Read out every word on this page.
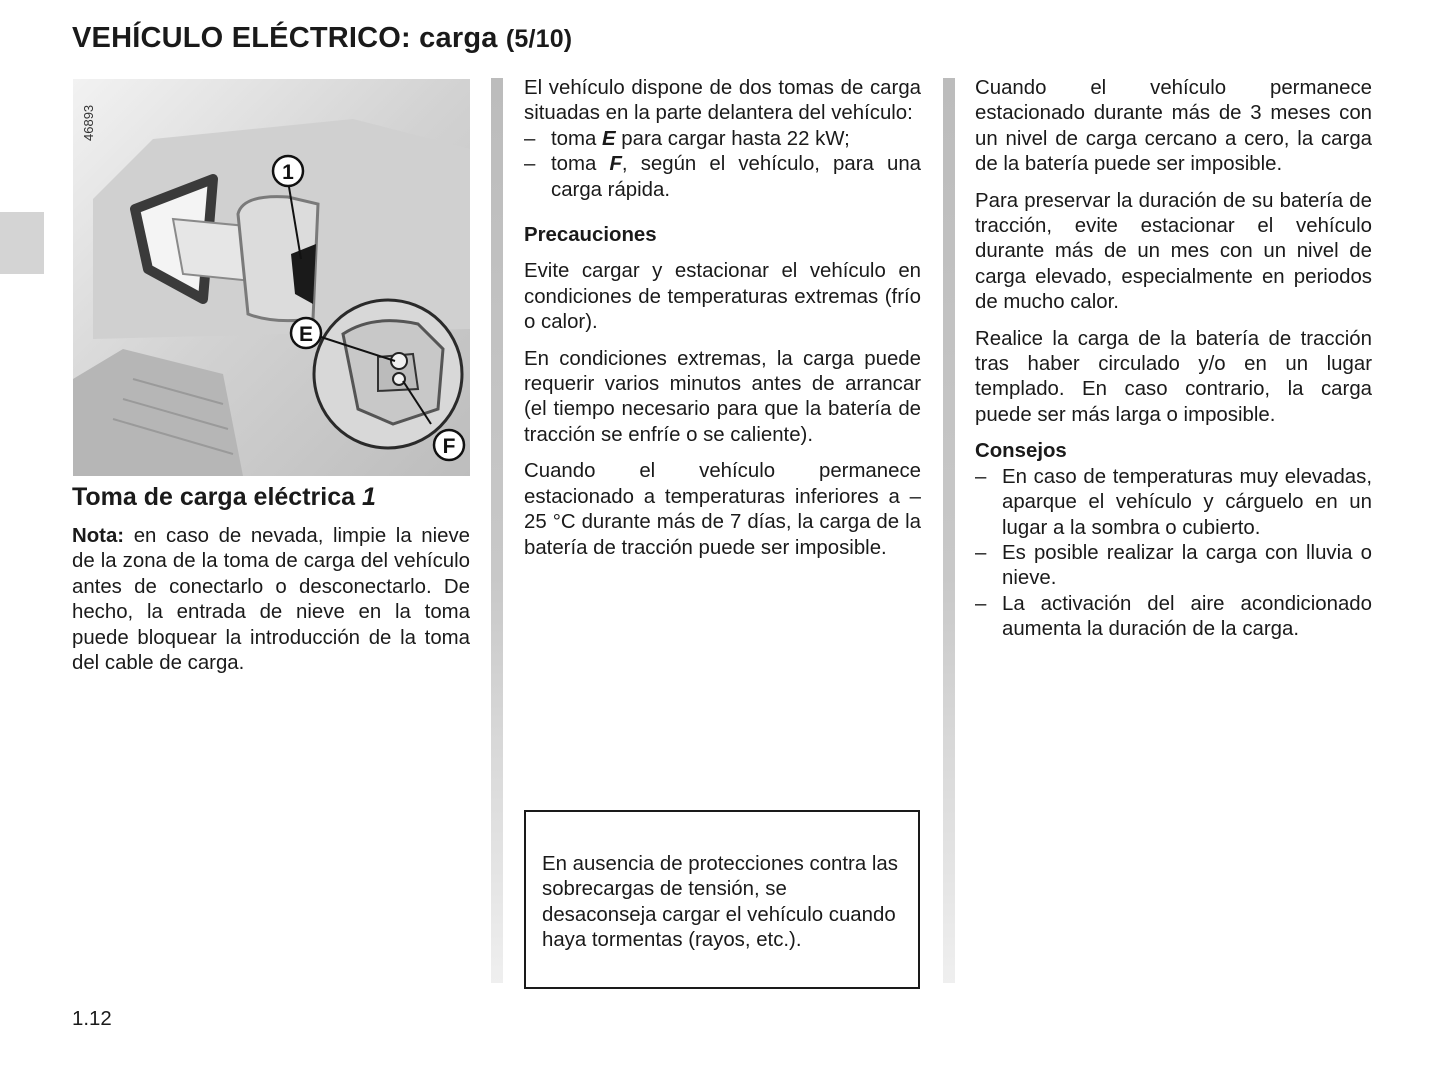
VEHÍCULO ELÉCTRICO: carga (5/10)
46893
1
E
F
Toma de carga eléctrica 1

Nota: en caso de nevada, limpie la nieve de la zona de la toma de carga del vehículo antes de conectarlo o desconectarlo. De hecho, la entrada de nieve en la toma puede bloquear la introducción de la toma del cable de carga.

El vehículo dispone de dos tomas de carga situadas en la parte delantera del vehículo:

– toma E para cargar hasta 22 kW;
– toma F, según el vehículo, para una carga rápida.
Precauciones

Evite cargar y estacionar el vehículo en condiciones de temperaturas extremas (frío o calor).

En condiciones extremas, la carga puede requerir varios minutos antes de arrancar (el tiempo necesario para que la batería de tracción se enfríe o se caliente).

Cuando el vehículo permanece estacionado a temperaturas inferiores a –25 °C durante más de 7 días, la carga de la batería de tracción puede ser imposible.

En ausencia de protecciones contra las sobrecargas de tensión, se desaconseja cargar el vehículo cuando haya tormentas (rayos, etc.).

Cuando el vehículo permanece estacionado durante más de 3 meses con un nivel de carga cercano a cero, la carga de la batería puede ser imposible.

Para preservar la duración de su batería de tracción, evite estacionar el vehículo durante más de un mes con un nivel de carga elevado, especialmente en periodos de mucho calor.

Realice la carga de la batería de tracción tras haber circulado y/o en un lugar templado. En caso contrario, la carga puede ser más larga o imposible.

Consejos
– En caso de temperaturas muy elevadas, aparque el vehículo y cárguelo en un lugar a la sombra o cubierto.
– Es posible realizar la carga con lluvia o nieve.
– La activación del aire acondicionado aumenta la duración de la carga.
1.12
